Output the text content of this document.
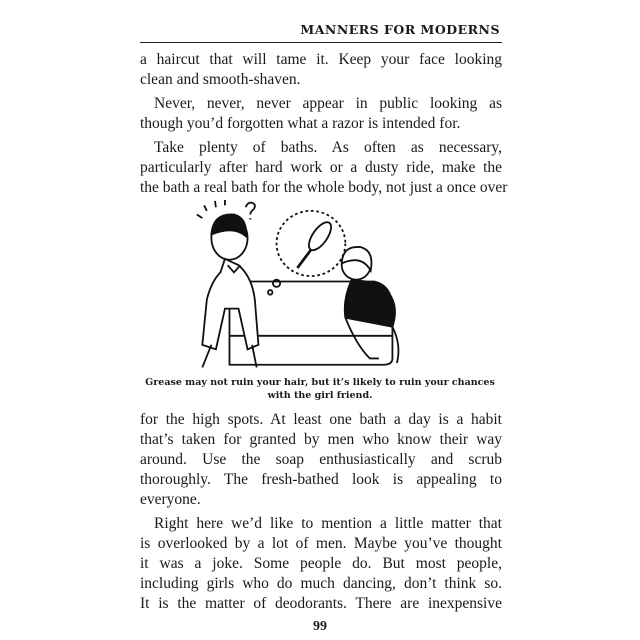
MANNERS FOR MODERNS
a haircut that will tame it. Keep your face looking
clean and smooth-shaven.
Never, never, never appear in public looking as
though you’d forgotten what a razor is intended for.
Take plenty of baths. As often as necessary,
particularly after hard work or a dusty ride, make the
the bath a real bath for the whole body, not just a once over
Grease may not ruin your hair, but it’s likely to ruin your chances
with the girl friend.
for the high spots. At least one bath a day is a habit
that’s taken for granted by men who know their way
around. Use the soap enthusiastically and scrub
thoroughly. The fresh-bathed look is appealing to
everyone.
Right here we’d like to mention a little matter that
is overlooked by a lot of men. Maybe you’ve thought
it was a joke. Some people do. But most people,
including girls who do much dancing, don’t think so.
It is the matter of deodorants. There are inexpensive
99
